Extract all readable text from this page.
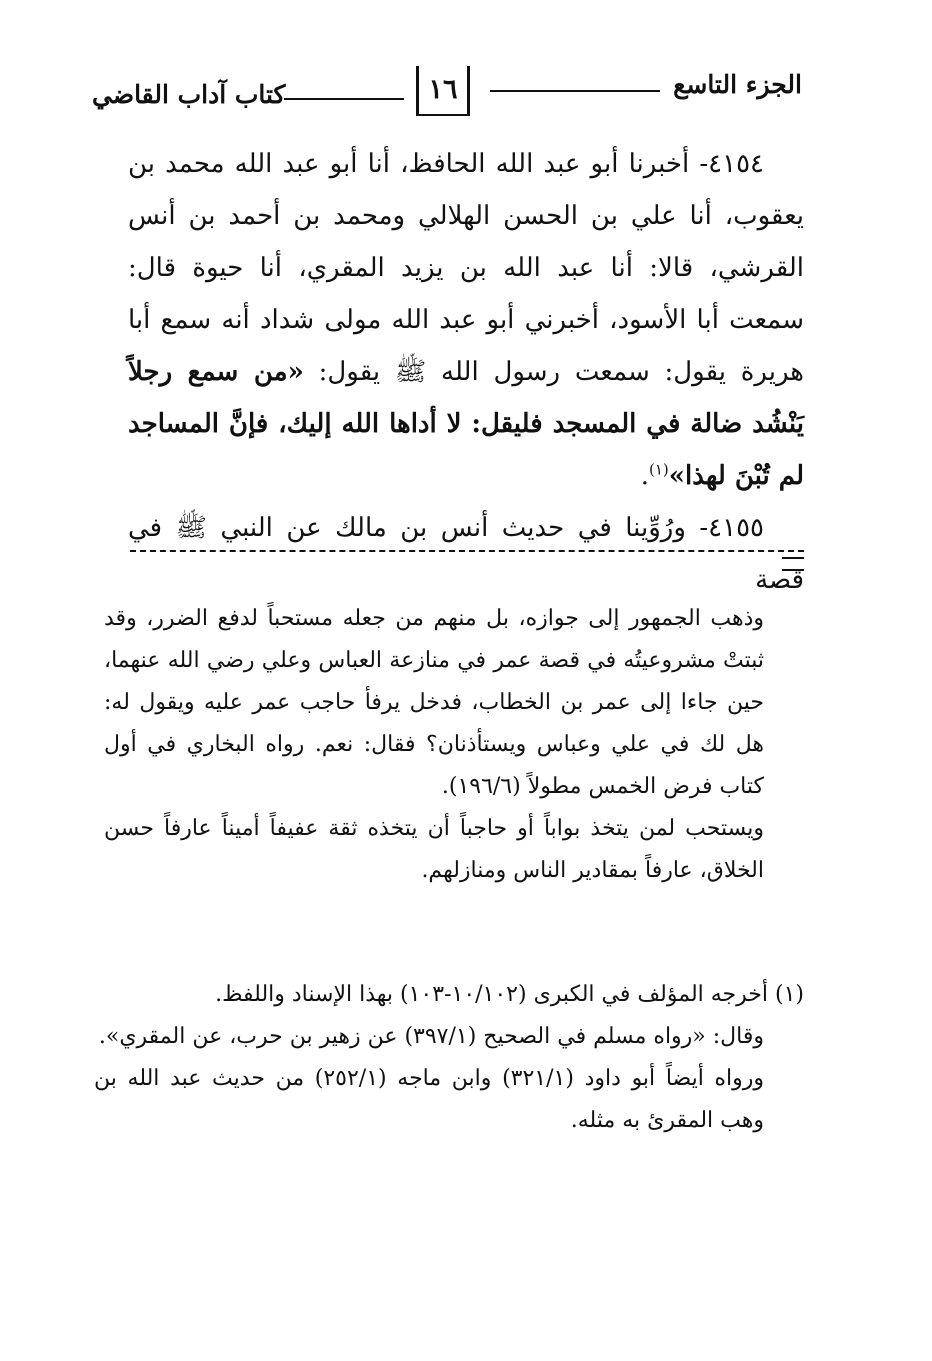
الجزء التاسع
١٦
كتاب آداب القاضي

٤١٥٤- أخبرنا أبو عبد الله الحافظ، أنا أبو عبد الله محمد بن يعقوب، أنا علي بن الحسن الهلالي ومحمد بن أحمد بن أنس القرشي، قالا: أنا عبد الله بن يزيد المقري، أنا حيوة قال: سمعت أبا الأسود، أخبرني أبو عبد الله مولى شداد أنه سمع أبا هريرة يقول: سمعت رسول الله ﷺ يقول: «من سمع رجلاً يَنْشُد ضالة في المسجد فليقل: لا أداها الله إليك، فإنَّ المساجد لم تُبْنَ لهذا»$^{(١)}$.

٤١٥٥- ورُوِّينا في حديث أنس بن مالك عن النبي ﷺ في قصة

وذهب الجمهور إلى جوازه، بل منهم من جعله مستحباً لدفع الضرر، وقد ثبتتْ مشروعيتُه في قصة عمر في منازعة العباس وعلي رضي الله عنهما، حين جاءا إلى عمر بن الخطاب، فدخل يرفأ حاجب عمر عليه ويقول له: هل لك في علي وعباس ويستأذنان؟ فقال: نعم. رواه البخاري في أول كتاب فرض الخمس مطولاً (١٩٦/٦).

ويستحب لمن يتخذ بواباً أو حاجباً أن يتخذه ثقة عفيفاً أميناً عارفاً حسن الخلاق، عارفاً بمقادير الناس ومنازلهم.

(١) أخرجه المؤلف في الكبرى (١٠/١٠٢-١٠٣) بهذا الإسناد واللفظ.

وقال: «رواه مسلم في الصحيح (٣٩٧/١) عن زهير بن حرب، عن المقري».

ورواه أيضاً أبو داود (٣٢١/١) وابن ماجه (٢٥٢/١) من حديث عبد الله بن وهب المقرئ به مثله.
